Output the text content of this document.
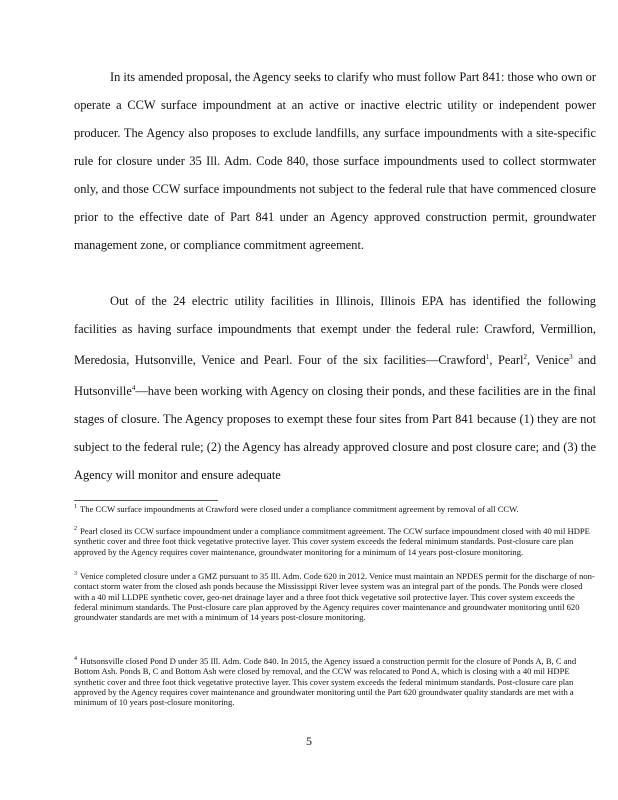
In its amended proposal, the Agency seeks to clarify who must follow Part 841: those who own or operate a CCW surface impoundment at an active or inactive electric utility or independent power producer. The Agency also proposes to exclude landfills, any surface impoundments with a site-specific rule for closure under 35 Ill. Adm. Code 840, those surface impoundments used to collect stormwater only, and those CCW surface impoundments not subject to the federal rule that have commenced closure prior to the effective date of Part 841 under an Agency approved construction permit, groundwater management zone, or compliance commitment agreement.

Out of the 24 electric utility facilities in Illinois, Illinois EPA has identified the following facilities as having surface impoundments that exempt under the federal rule: Crawford, Vermillion, Meredosia, Hutsonville, Venice and Pearl. Four of the six facilities—Crawford$^1$, Pearl$^2$, Venice$^3$ and Hutsonville$^4$—have been working with Agency on closing their ponds, and these facilities are in the final stages of closure. The Agency proposes to exempt these four sites from Part 841 because (1) they are not subject to the federal rule; (2) the Agency has already approved closure and post closure care; and (3) the Agency will monitor and ensure adequate

$^1$ The CCW surface impoundments at Crawford were closed under a compliance commitment agreement by removal of all CCW.

$^2$ Pearl closed its CCW surface impoundment under a compliance commitment agreement. The CCW surface impoundment closed with 40 mil HDPE synthetic cover and three foot thick vegetative protective layer. This cover system exceeds the federal minimum standards. Post-closure care plan approved by the Agency requires cover maintenance, groundwater monitoring for a minimum of 14 years post-closure monitoring.

$^3$ Venice completed closure under a GMZ pursuant to 35 Ill. Adm. Code 620 in 2012. Venice must maintain an NPDES permit for the discharge of non-contact storm water from the closed ash ponds because the Mississippi River levee system was an integral part of the ponds. The Ponds were closed with a 40 mil LLDPE synthetic cover, geo-net drainage layer and a three foot thick vegetative soil protective layer. This cover system exceeds the federal minimum standards. The Post-closure care plan approved by the Agency requires cover maintenance and groundwater monitoring until 620 groundwater standards are met with a minimum of 14 years post-closure monitoring.

$^4$ Hutsonsville closed Pond D under 35 Ill. Adm. Code 840. In 2015, the Agency issued a construction permit for the closure of Ponds A, B, C and Bottom Ash. Ponds B, C and Bottom Ash were closed by removal, and the CCW was relocated to Pond A, which is closing with a 40 mil HDPE synthetic cover and three foot thick vegetative protective layer. This cover system exceeds the federal minimum standards. Post-closure care plan approved by the Agency requires cover maintenance and groundwater monitoring until the Part 620 groundwater quality standards are met with a minimum of 10 years post-closure monitoring.

5
